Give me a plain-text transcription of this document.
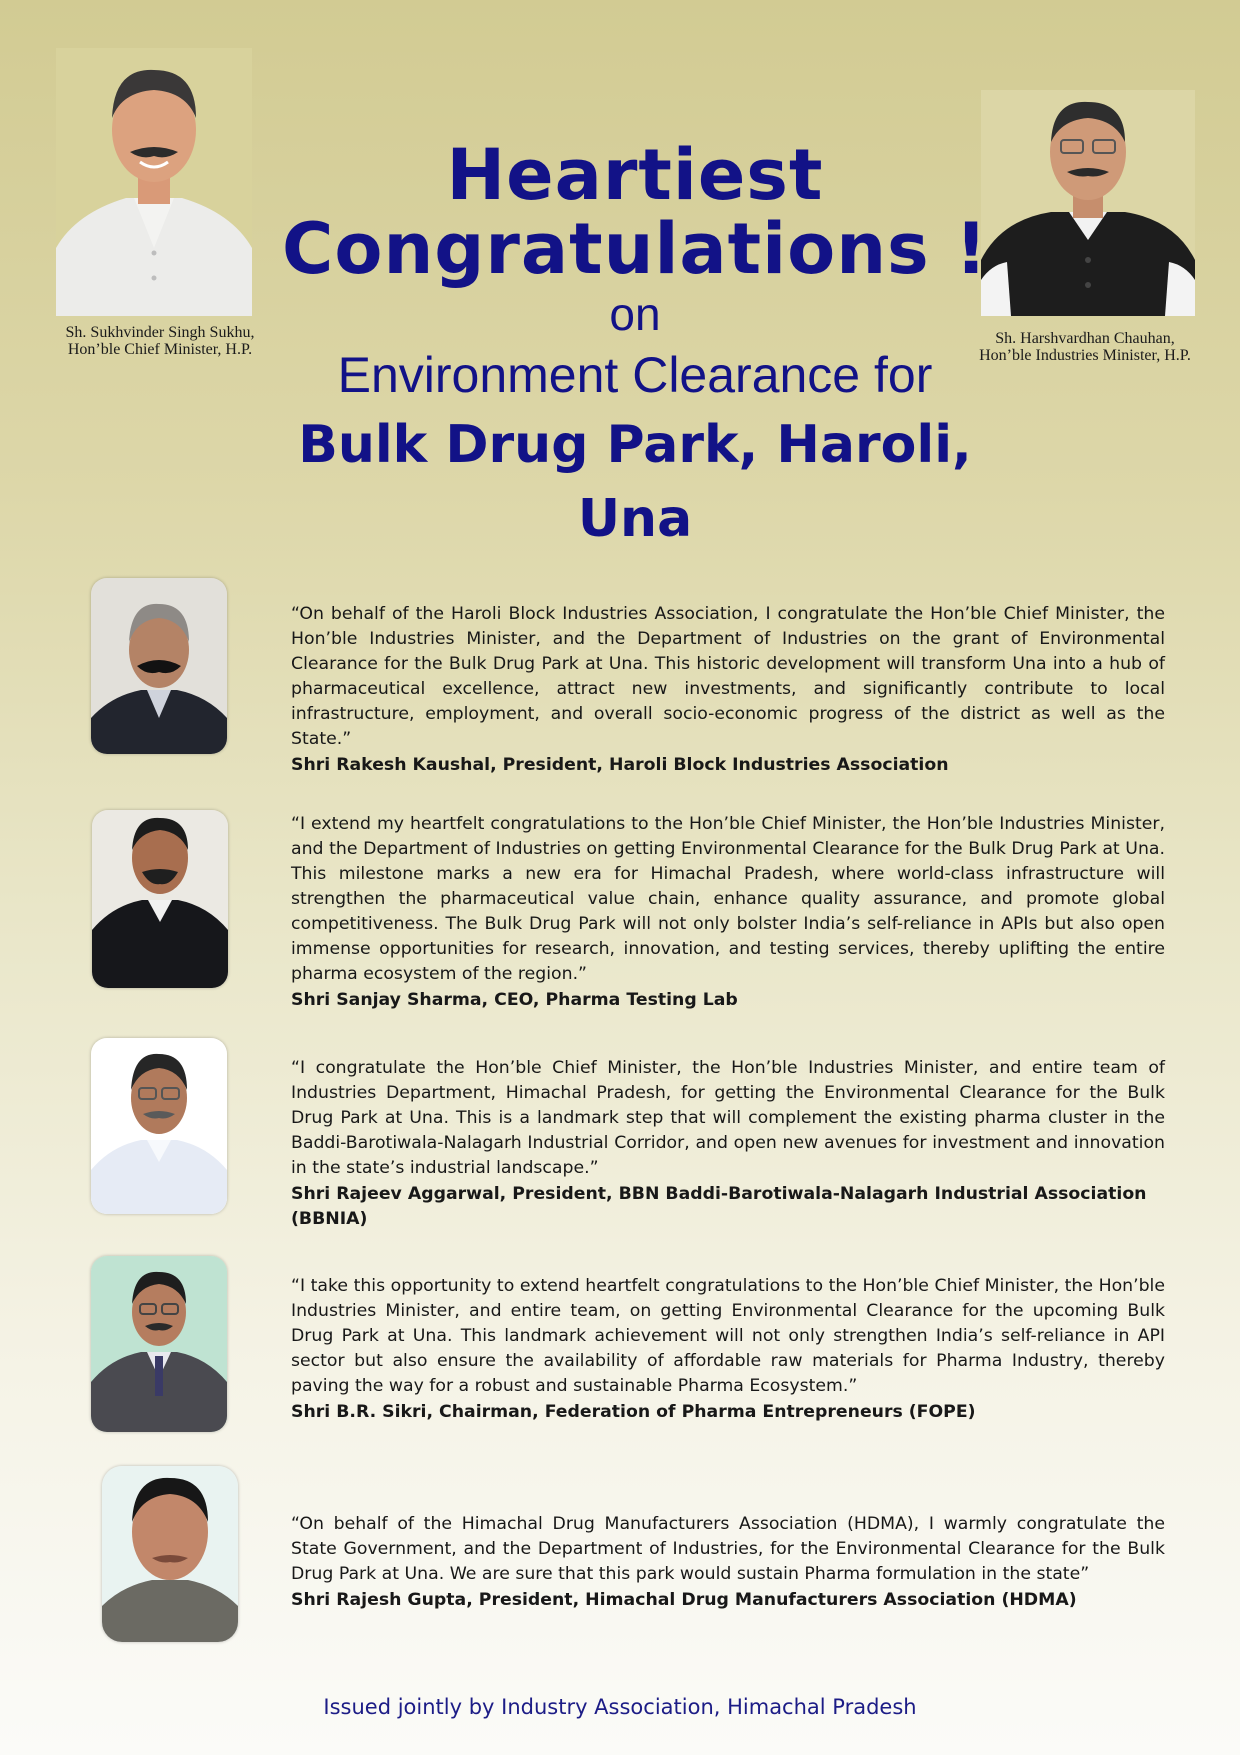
Sh. Sukhvinder Singh Sukhu,
Hon’ble Chief Minister, H.P.
Sh. Harshvardhan Chauhan,
Hon’ble Industries Minister, H.P.
Heartiest
Congratulations !
on
Environment Clearance for
Bulk Drug Park, Haroli, Una
“On behalf of the Haroli Block Industries Association, I congratulate the Hon’ble Chief Minister, the Hon’ble Industries Minister, and the Department of Industries on the grant of Environmental Clearance for the Bulk Drug Park at Una. This historic development will transform Una into a hub of pharmaceutical excellence, attract new investments, and significantly contribute to local infrastructure, employment, and overall socio-economic progress of the district as well as the State.”
Shri Rakesh Kaushal, President, Haroli Block Industries Association
“I extend my heartfelt congratulations to the Hon’ble Chief Minister, the Hon’ble Industries Minister, and the Department of Industries on getting Environmental Clearance for the Bulk Drug Park at Una. This milestone marks a new era for Himachal Pradesh, where world-class infrastructure will strengthen the pharmaceutical value chain, enhance quality assurance, and promote global competitiveness. The Bulk Drug Park will not only bolster India’s self-reliance in APIs but also open immense opportunities for research, innovation, and testing services, thereby uplifting the entire pharma ecosystem of the region.”
Shri Sanjay Sharma, CEO, Pharma Testing Lab
“I congratulate the Hon’ble Chief Minister, the Hon’ble Industries Minister, and entire team of Industries Department, Himachal Pradesh, for getting the Environmental Clearance for the Bulk Drug Park at Una. This is a landmark step that will complement the existing pharma cluster in the Baddi-Barotiwala-Nalagarh Industrial Corridor, and open new avenues for investment and innovation in the state’s industrial landscape.”
Shri Rajeev Aggarwal, President, BBN Baddi-Barotiwala-Nalagarh Industrial Association (BBNIA)
“I take this opportunity to extend heartfelt congratulations to the Hon’ble Chief Minister, the Hon’ble Industries Minister, and entire team, on getting Environmental Clearance for the upcoming Bulk Drug Park at Una. This landmark achievement will not only strengthen India’s self-reliance in API sector but also ensure the availability of affordable raw materials for Pharma Industry, thereby paving the way for a robust and sustainable Pharma Ecosystem.”
Shri B.R. Sikri, Chairman, Federation of Pharma Entrepreneurs (FOPE)
“On behalf of the Himachal Drug Manufacturers Association (HDMA), I warmly congratulate the State Government, and the Department of Industries, for the Environmental Clearance for the Bulk Drug Park at Una. We are sure that this park would sustain Pharma formulation in the state”
Shri Rajesh Gupta, President, Himachal Drug Manufacturers Association (HDMA)
Issued jointly by Industry Association, Himachal Pradesh
